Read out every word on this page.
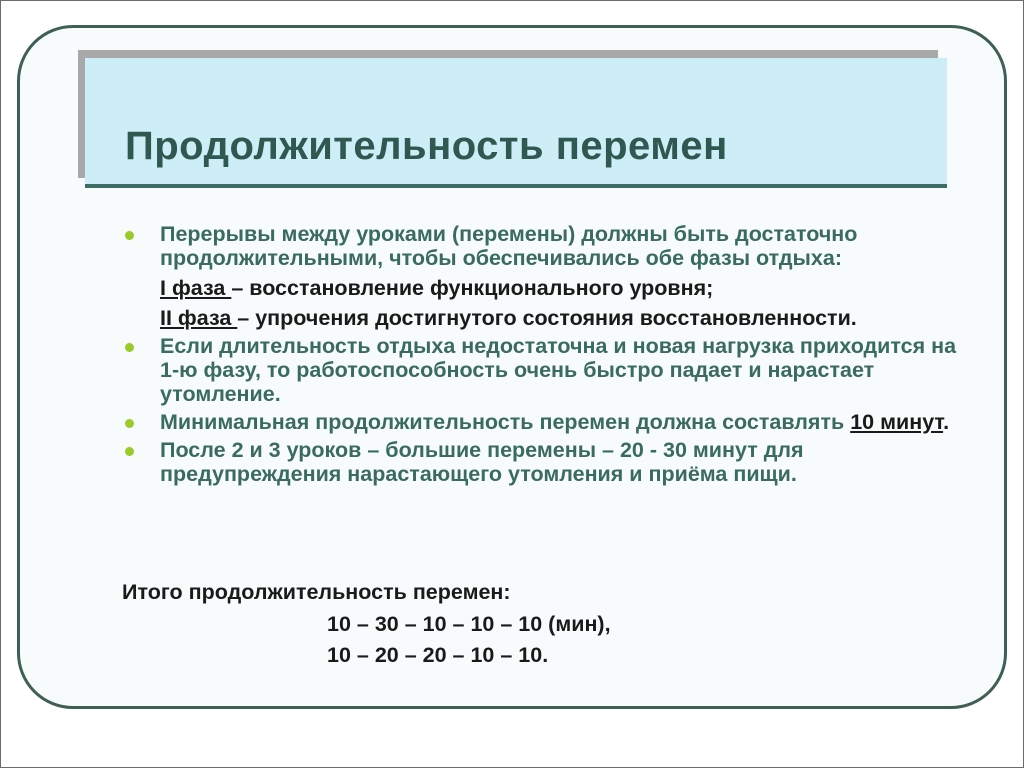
Продолжительность перемен
Перерывы между уроками (перемены) должны быть достаточно продолжительными, чтобы обеспечивались обе фазы отдыха:
I фаза – восстановление функционального уровня;
II фаза – упрочения достигнутого состояния восстановленности.
Если длительность отдыха недостаточна и новая нагрузка приходится на 1-ю фазу, то работоспособность очень быстро падает и нарастает утомление.
Минимальная продолжительность перемен должна составлять 10 минут.
После 2 и 3 уроков – большие перемены – 20 - 30 минут для предупреждения нарастающего утомления и приёма пищи.
Итого продолжительность перемен:
10 – 30 – 10 – 10 – 10 (мин),
10 – 20 – 20 – 10 – 10.
